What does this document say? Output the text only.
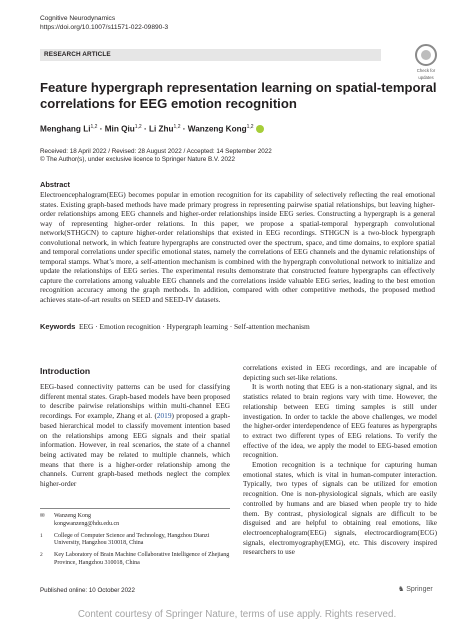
Cognitive Neurodynamics
https://doi.org/10.1007/s11571-022-09890-3
RESEARCH ARTICLE
Check for
updates
Feature hypergraph representation learning on spatial-temporal correlations for EEG emotion recognition
Menghang Li$^{1,2}$ · Min Qiu$^{1,2}$ · Li Zhu$^{1,2}$ · Wanzeng Kong$^{1,2}$
Received: 18 April 2022 / Revised: 28 August 2022 / Accepted: 14 September 2022
© The Author(s), under exclusive licence to Springer Nature B.V. 2022
Abstract
Electroencephalogram(EEG) becomes popular in emotion recognition for its capability of selectively reflecting the real emotional states. Existing graph-based methods have made primary progress in representing pairwise spatial relationships, but leaving higher-order relationships among EEG channels and higher-order relationships inside EEG series. Constructing a hypergraph is a general way of representing higher-order relations. In this paper, we propose a spatial-temporal hypergraph convolutional network(STHGCN) to capture higher-order relationships that existed in EEG recordings. STHGCN is a two-block hypergraph convolutional network, in which feature hypergraphs are constructed over the spectrum, space, and time domains, to explore spatial and temporal correlations under specific emotional states, namely the correlations of EEG channels and the dynamic relationships of temporal stamps. What’s more, a self-attention mechanism is combined with the hypergraph convolutional network to initialize and update the relationships of EEG series. The experimental results demonstrate that constructed feature hypergraphs can effectively capture the correlations among valuable EEG channels and the correlations inside valuable EEG series, leading to the best emotion recognition accuracy among the graph methods. In addition, compared with other competitive methods, the proposed method achieves state-of-art results on SEED and SEED-IV datasets.
Keywords EEG · Emotion recognition · Hypergraph learning · Self-attention mechanism
Introduction

EEG-based connectivity patterns can be used for classifying different mental states. Graph-based models have been proposed to describe pairwise relationships within multi-channel EEG recordings. For example, Zhang et al. (2019) proposed a graph-based hierarchical model to classify movement intention based on the relationships among EEG signals and their spatial information. However, in real scenarios, the state of a channel being activated may be related to multiple channels, which means that there is a higher-order relationship among the channels. Current graph-based methods neglect the complex higher-order

correlations existed in EEG recordings, and are incapable of depicting such set-like relations.

It is worth noting that EEG is a non-stationary signal, and its statistics related to brain regions vary with time. However, the relationship between EEG timing samples is still under investigation. In order to tackle the above challenges, we model the higher-order interdependence of EEG features as hypergraphs to extract two different types of EEG relations. To verify the effective of the idea, we apply the model to EEG-based emotion recognition.

Emotion recognition is a technique for capturing human emotional states, which is vital in human-computer interaction. Typically, two types of signals can be utilized for emotion recognition. One is non-physiological signals, which are easily controlled by humans and are biased when people try to hide them. By contrast, physiological signals are difficult to be disguised and are helpful to obtaining real emotions, like electroencephalogram(EEG) signals, electrocardiogram(ECG) signals, electromyography(EMG), etc. This discovery inspired researchers to use

✉	Wanzeng Kong
kongwanzeng@hdu.edu.cn
1	College of Computer Science and Technology, Hangzhou Dianzi University, Hangzhou 310018, China
2	Key Laboratory of Brain Machine Collaborative Intelligence of Zhejiang Province, Hangzhou 310018, China
Published online: 10 October 2022	♞ Springer
Content courtesy of Springer Nature, terms of use apply. Rights reserved.
